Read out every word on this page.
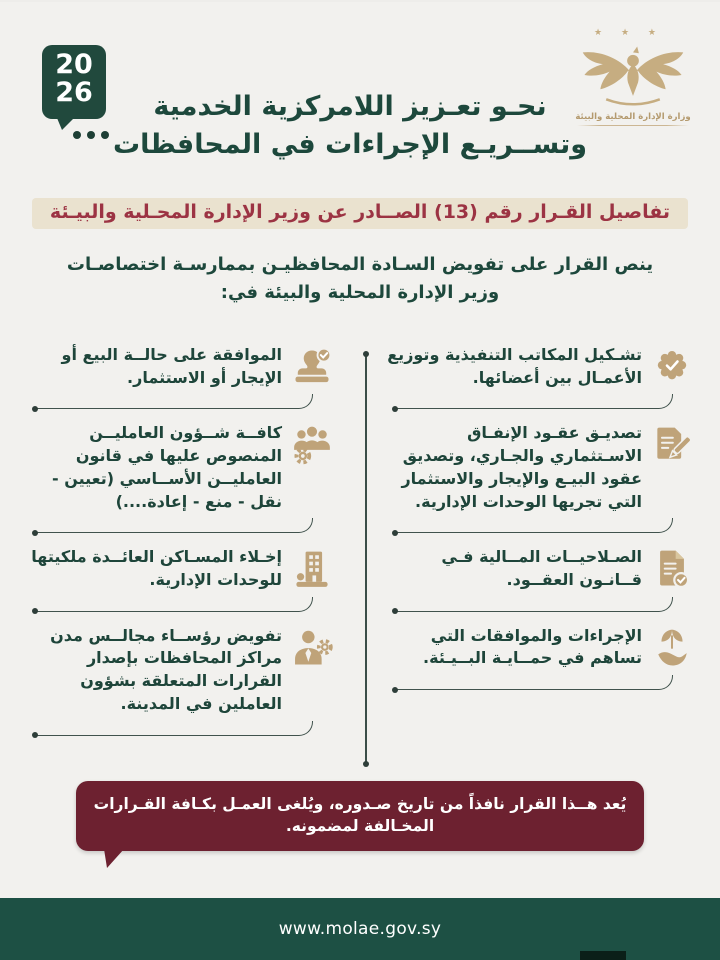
20
26
★ ★ ★
وزارة الإدارة المحلية والبيئة
نحـو تعـزيز اللامركزية الخدمية
وتســريـع الإجراءات في المحافظات
تفاصيل القـرار رقم (13) الصــادر عن وزير الإدارة المحـلية والبيـئة

ينص القرار على تفويض السـادة المحافظيـن بممارسـة اختصاصـات وزير الإدارة المحلية والبيئة في:

تشـكيل المكاتب التنفيذية وتوزيع الأعمـال بين أعضائها.

الموافقة على حالــة البيع أو الإيجار أو الاستثمار.

تصديـق عقـود الإنفـاق الاسـتثماري والجـاري، وتصديق عقود البيـع والإيجار والاستثمار التي تجريها الوحدات الإدارية.

كافــة شــؤون العامليــن المنصوص عليها في قانون العامليــن الأســاسي (تعيين - نقل - منع - إعادة....)

الصـلاحيــات المــالية فـي قــانـون العقــود.

إخـلاء المسـاكن العائــدة ملكيتها للوحدات الإدارية.

الإجراءات والموافقات التي تساهم في حمــايـة البــيـئة.

تفويض رؤســاء مجالــس مدن مراكز المحافظات بإصدار القرارات المتعلقة بشؤون العاملين في المدينة.

يُعد هــذا القرار نافذاً من تاريخ صـدوره، ويُلغى العمـل بكـافة القـرارات المخـالفة لمضمونه.
www.molae.gov.sy
